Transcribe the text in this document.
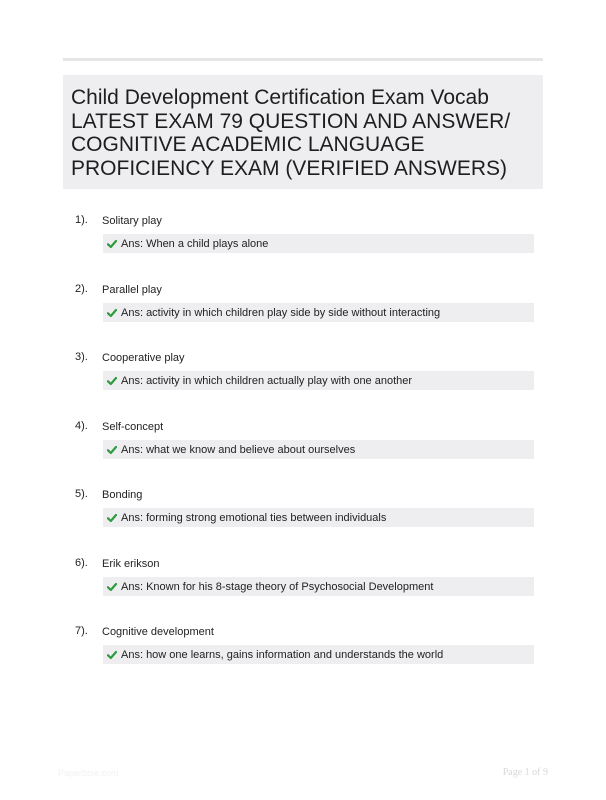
Child Development Certification Exam Vocab LATEST EXAM 79 QUESTION AND ANSWER/ COGNITIVE ACADEMIC LANGUAGE PROFICIENCY EXAM (VERIFIED ANSWERS)
1). Solitary play
Ans: When a child plays alone
2). Parallel play
Ans: activity in which children play side by side without interacting
3). Cooperative play
Ans: activity in which children actually play with one another
4). Self-concept
Ans: what we know and believe about ourselves
5). Bonding
Ans: forming strong emotional ties between individuals
6). Erik erikson
Ans: Known for his 8-stage theory of Psychosocial Development
7). Cognitive development
Ans: how one learns, gains information and understands the world
Paperbble.com	Page 1 of 9
